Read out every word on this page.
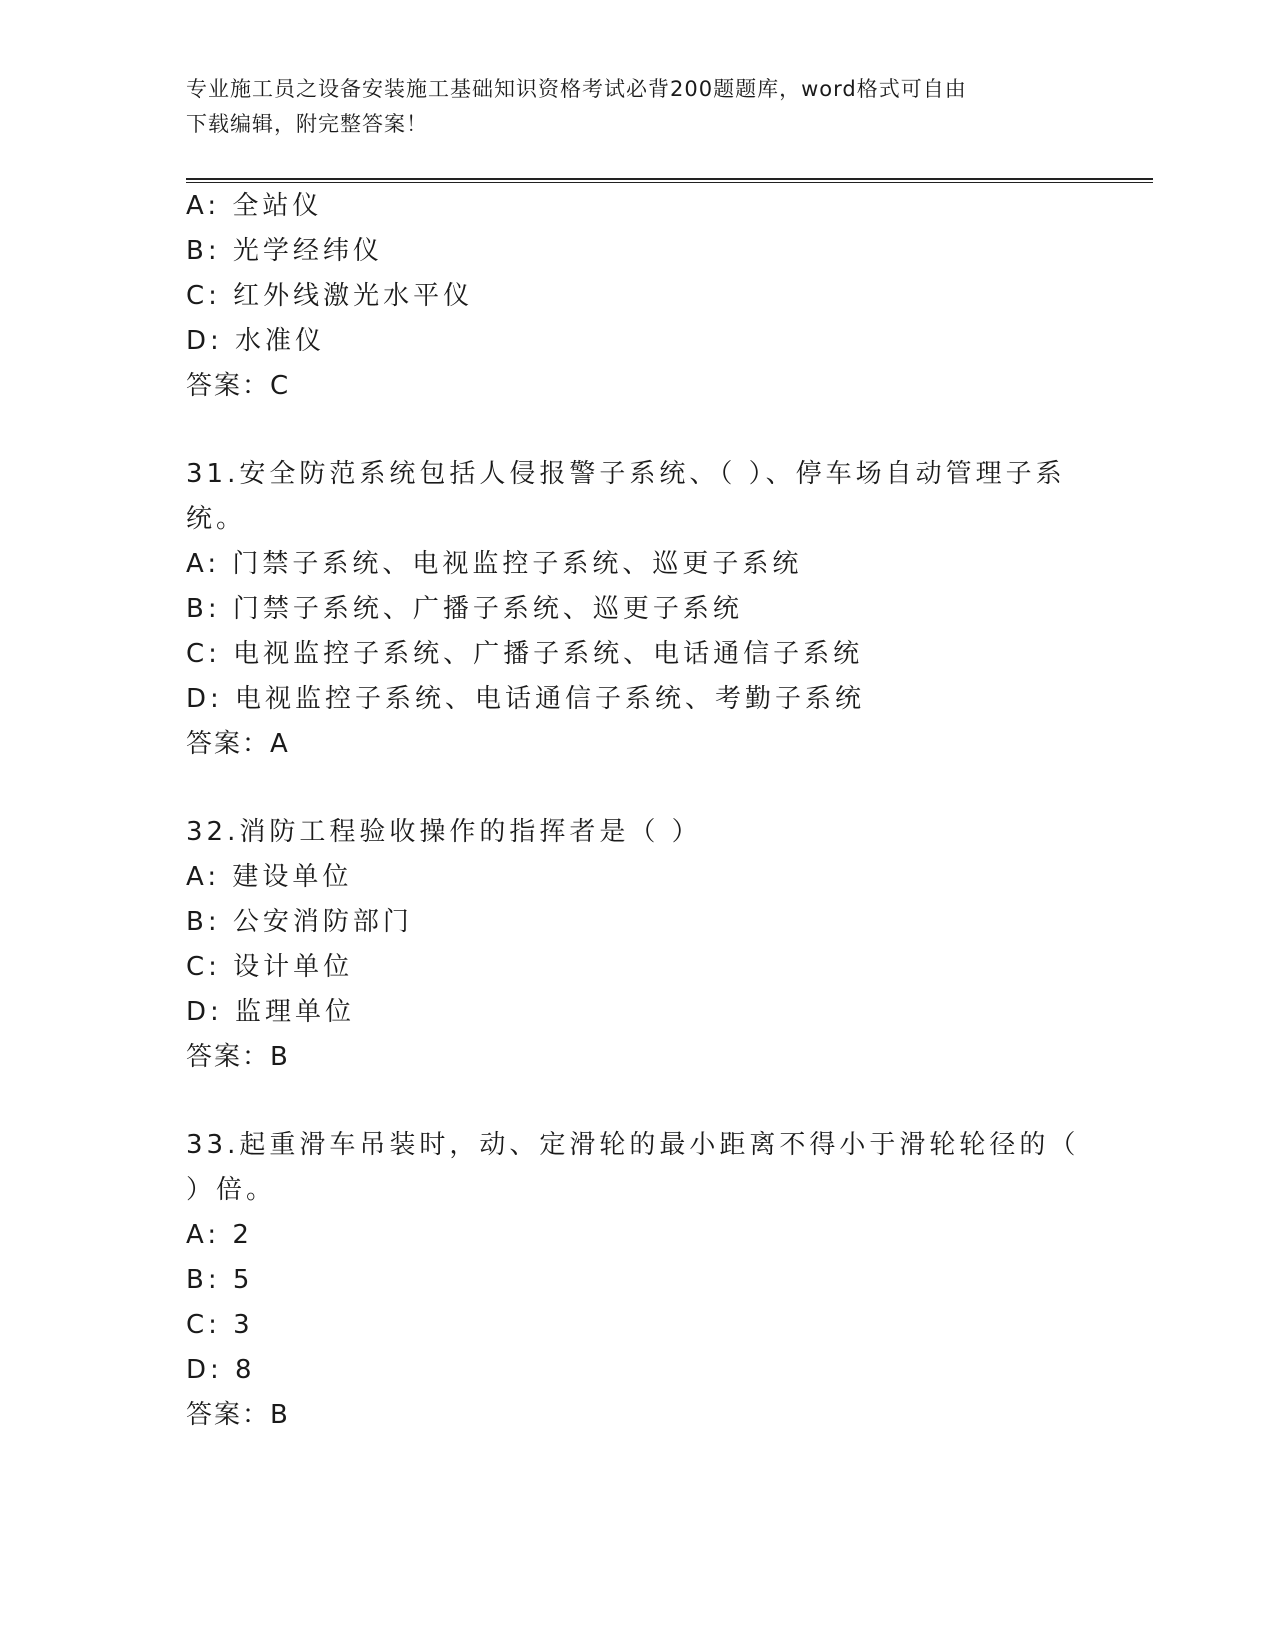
专业施工员之设备安装施工基础知识资格考试必背200题题库，word格式可自由
下载编辑，附完整答案！
A: 全站仪
B: 光学经纬仪
C: 红外线激光水平仪
D: 水准仪
答案：C
31.安全防范系统包括人侵报警子系统、（ ）、停车场自动管理子系
统。
A: 门禁子系统、电视监控子系统、巡更子系统
B: 门禁子系统、广播子系统、巡更子系统
C: 电视监控子系统、广播子系统、电话通信子系统
D: 电视监控子系统、电话通信子系统、考勤子系统
答案：A
32.消防工程验收操作的指挥者是（ ）
A: 建设单位
B: 公安消防部门
C: 设计单位
D: 监理单位
答案：B
33.起重滑车吊装时，动、定滑轮的最小距离不得小于滑轮轮径的（
）倍。
A: 2
B: 5
C: 3
D: 8
答案：B
